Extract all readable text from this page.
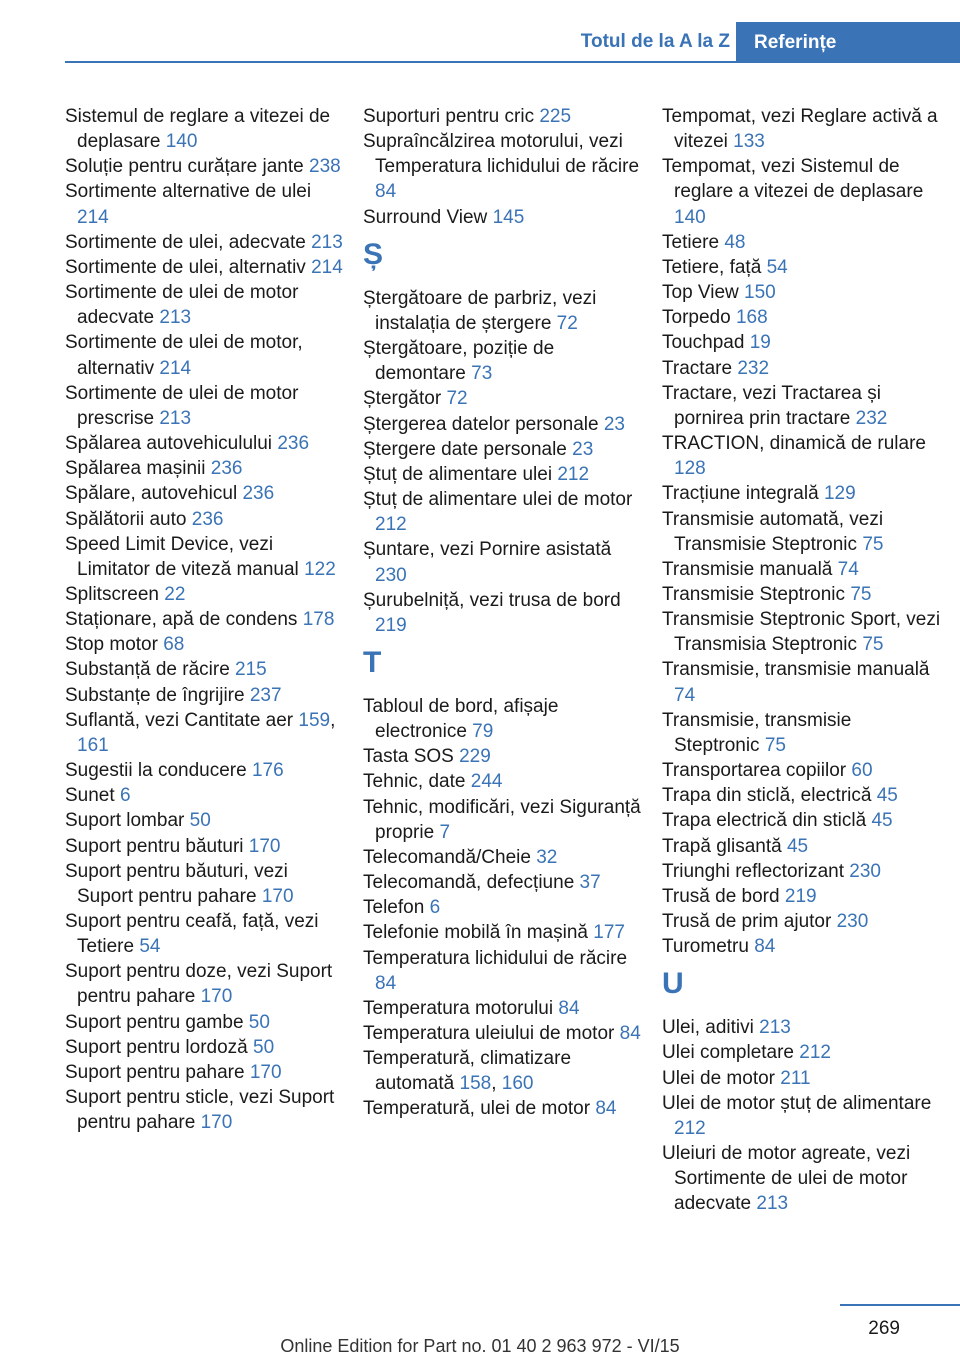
Totul de la A la Z	Referințe
Sistemul de reglare a vitezei de deplasare 140
Soluție pentru curățare jante 238
Sortimente alternative de ulei 214
Sortimente de ulei, adecvate 213
Sortimente de ulei, alternativ 214
Sortimente de ulei de motor adecvate 213
Sortimente de ulei de motor, alternativ 214
Sortimente de ulei de motor prescrise 213
Spălarea autovehiculului 236
Spălarea mașinii 236
Spălare, autovehicul 236
Spălătorii auto 236
Speed Limit Device, vezi Limitator de viteză manual 122
Splitscreen 22
Staționare, apă de condens 178
Stop motor 68
Substanță de răcire 215
Substanțe de îngrijire 237
Suflantă, vezi Cantitate aer 159, 161
Sugestii la conducere 176
Sunet 6
Suport lombar 50
Suport pentru băuturi 170
Suport pentru băuturi, vezi Suport pentru pahare 170
Suport pentru ceafă, față, vezi Tetiere 54
Suport pentru doze, vezi Suport pentru pahare 170
Suport pentru gambe 50
Suport pentru lordoză 50
Suport pentru pahare 170
Suport pentru sticle, vezi Suport pentru pahare 170
Suporturi pentru cric 225
Supraîncălzirea motorului, vezi Temperatura lichidului de răcire 84
Surround View 145
Ș
Ștergătoare de parbriz, vezi instalația de ștergere 72
Ștergătoare, poziție de demontare 73
Ștergător 72
Ștergerea datelor personale 23
Ștergere date personale 23
Ștuț de alimentare ulei 212
Ștuț de alimentare ulei de motor 212
Șuntare, vezi Pornire asistată 230
Șurubelniță, vezi trusa de bord 219
T
Tabloul de bord, afișaje electronice 79
Tasta SOS 229
Tehnic, date 244
Tehnic, modificări, vezi Siguranță proprie 7
Telecomandă/Cheie 32
Telecomandă, defecțiune 37
Telefon 6
Telefonie mobilă în mașină 177
Temperatura lichidului de răcire 84
Temperatura motorului 84
Temperatura uleiului de motor 84
Temperatură, climatizare automată 158, 160
Temperatură, ulei de motor 84
Tempomat, vezi Reglare activă a vitezei 133
Tempomat, vezi Sistemul de reglare a vitezei de deplasare 140
Tetiere 48
Tetiere, față 54
Top View 150
Torpedo 168
Touchpad 19
Tractare 232
Tractare, vezi Tractarea și pornirea prin tractare 232
TRACTION, dinamică de rulare 128
Tracțiune integrală 129
Transmisie automată, vezi Transmisie Steptronic 75
Transmisie manuală 74
Transmisie Steptronic 75
Transmisie Steptronic Sport, vezi Transmisia Steptronic 75
Transmisie, transmisie manuală 74
Transmisie, transmisie Steptronic 75
Transportarea copiilor 60
Trapa din sticlă, electrică 45
Trapa electrică din sticlă 45
Trapă glisantă 45
Triunghi reflectorizant 230
Trusă de bord 219
Trusă de prim ajutor 230
Turometru 84
U
Ulei, aditivi 213
Ulei completare 212
Ulei de motor 211
Ulei de motor ștuț de alimentare 212
Uleiuri de motor agreate, vezi Sortimente de ulei de motor adecvate 213
269
Online Edition for Part no. 01 40 2 963 972 - VI/15
